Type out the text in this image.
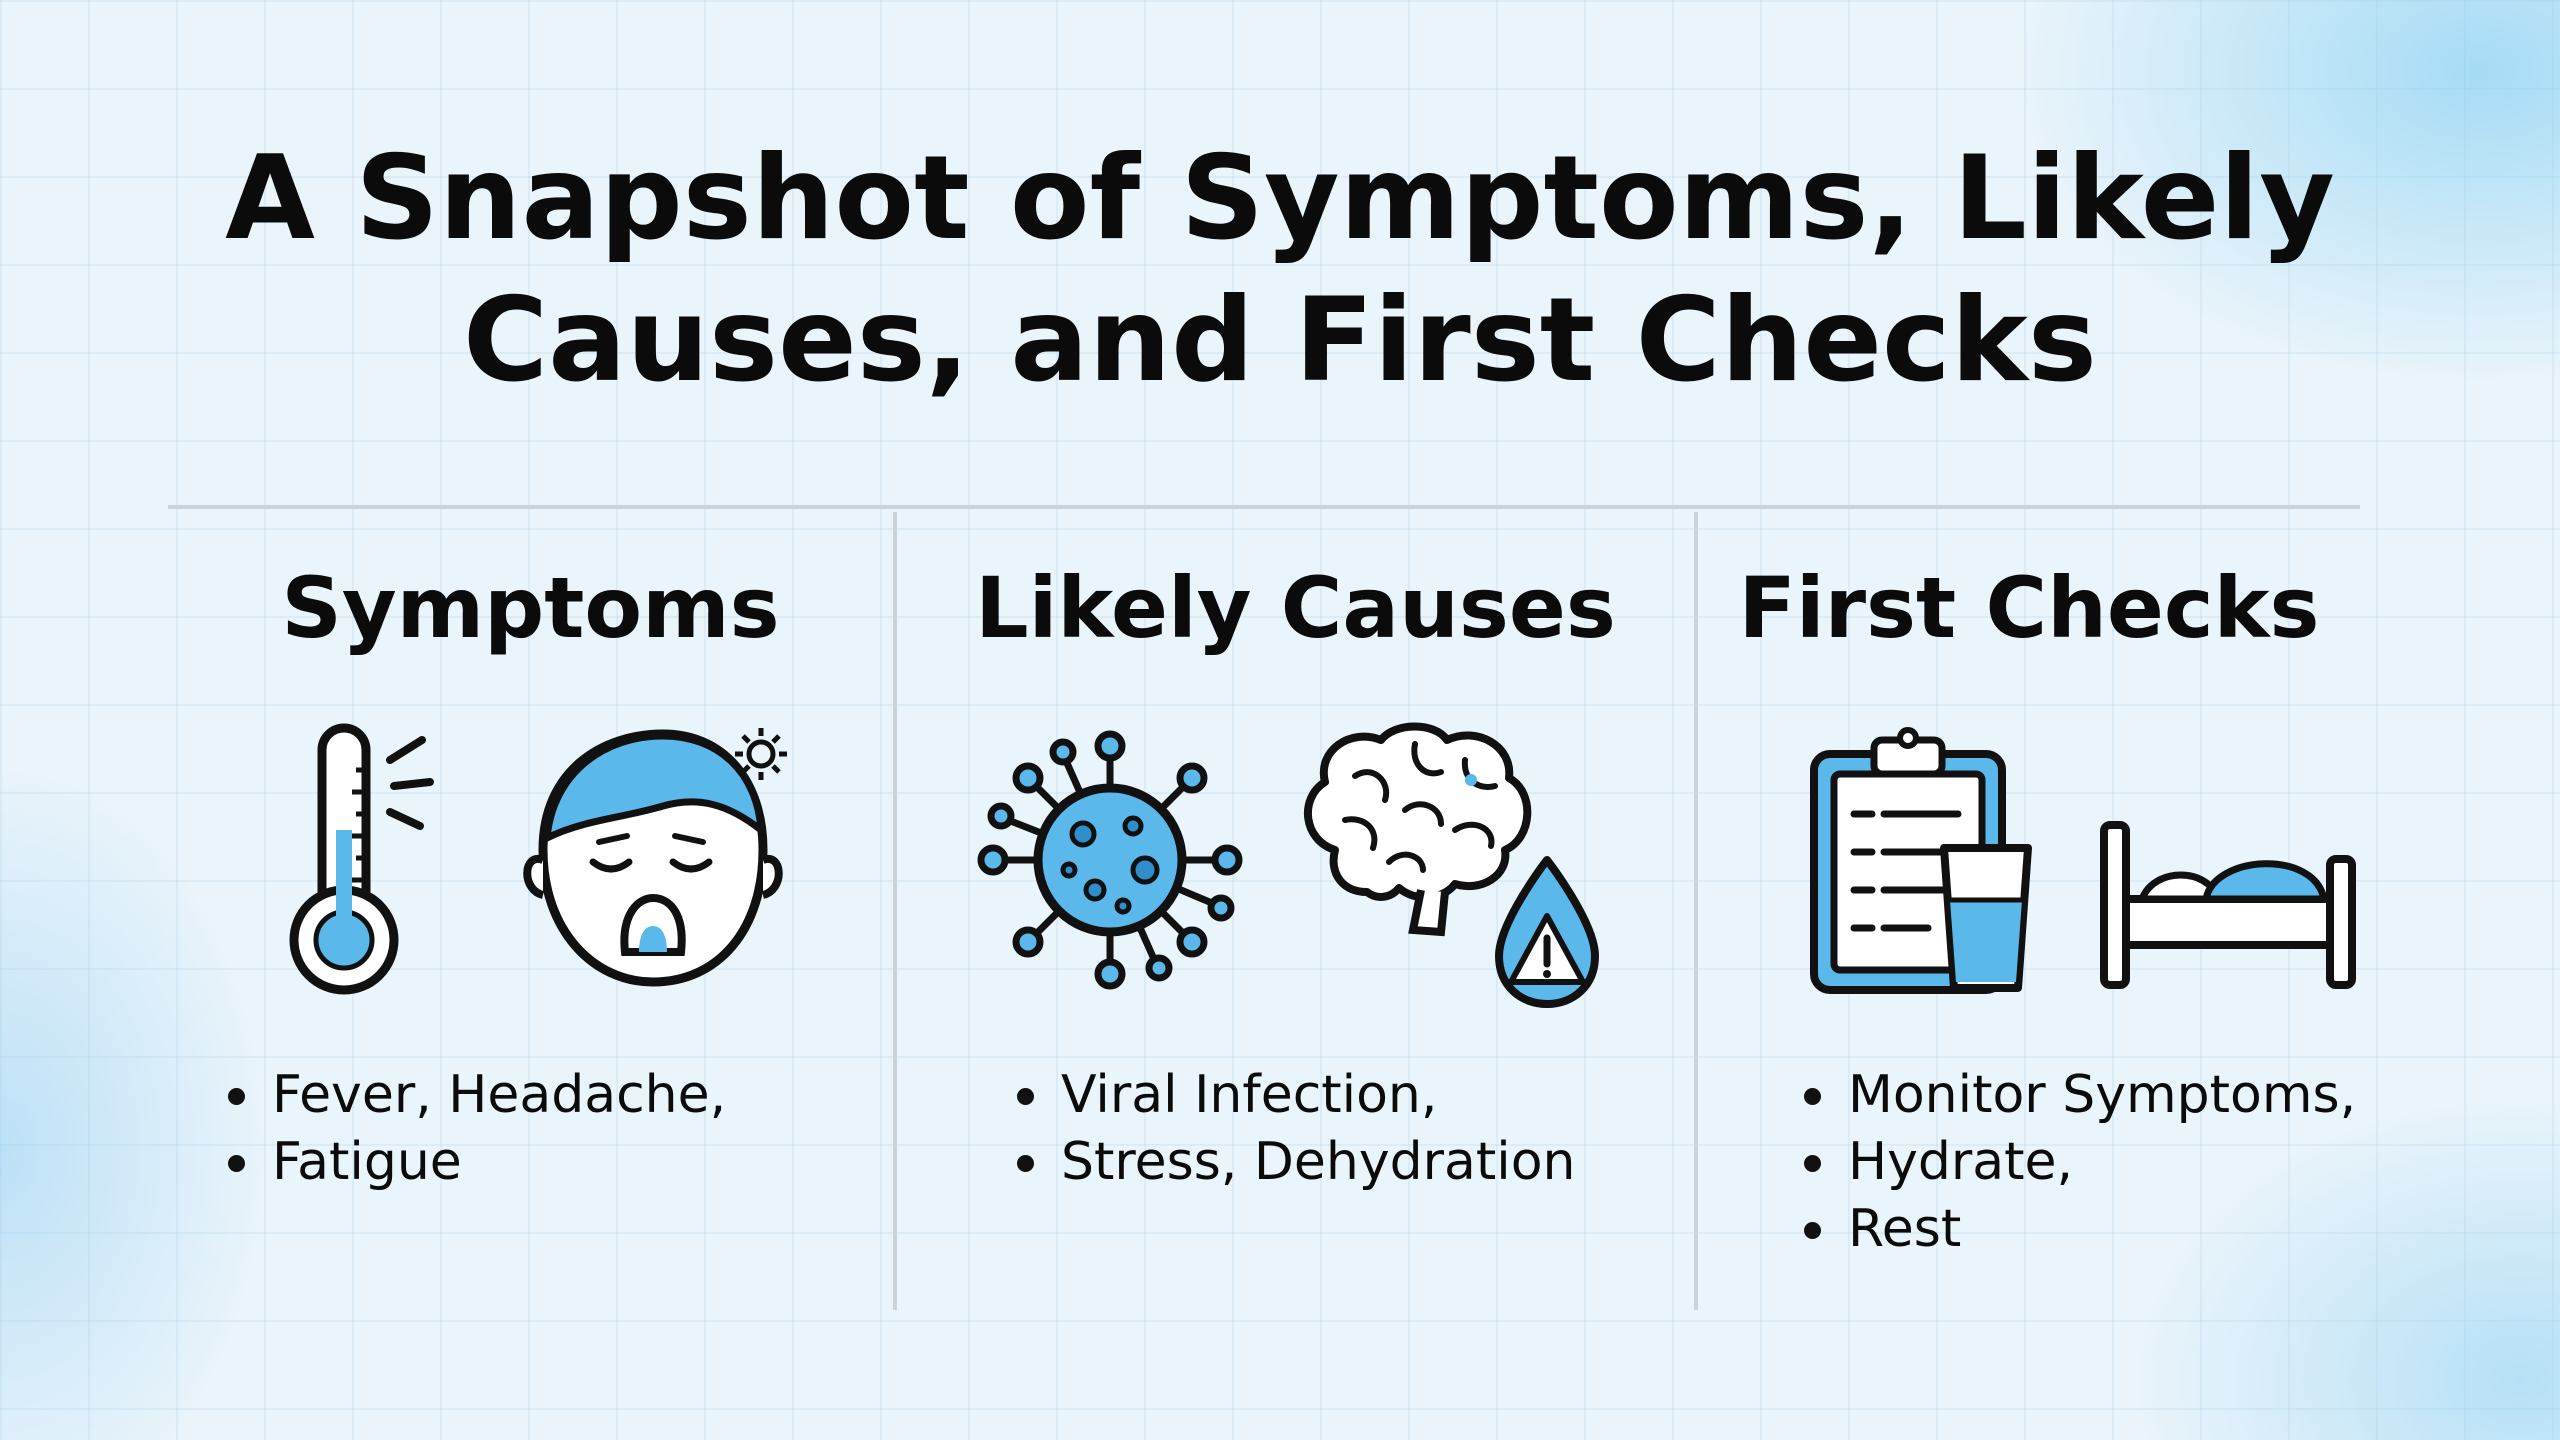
A Snapshot of Symptoms, Likely
Causes, and First Checks
Symptoms
Fever, Headache,
Fatigue
Likely Causes
Viral Infection,
Stress, Dehydration
First Checks
Monitor Symptoms,
Hydrate,
Rest
